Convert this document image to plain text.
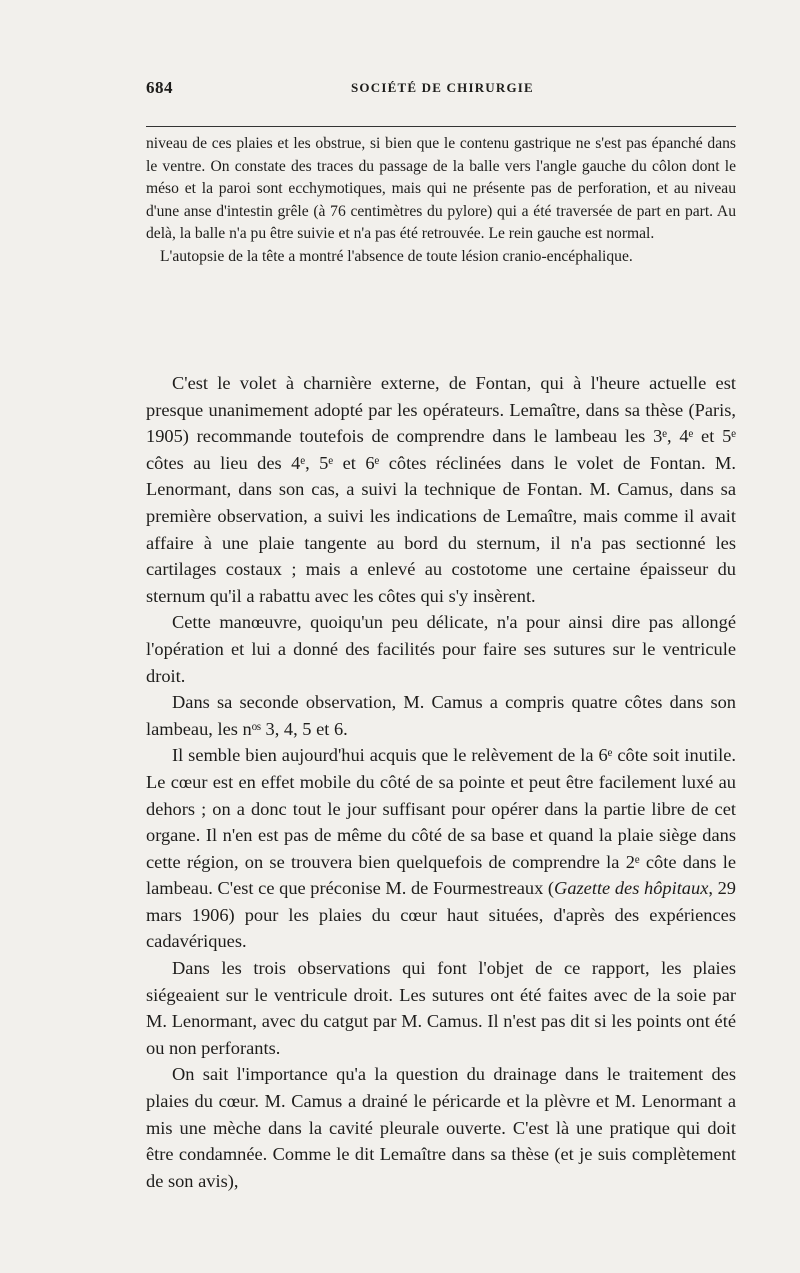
684	SOCIÉTÉ DE CHIRURGIE

niveau de ces plaies et les obstrue, si bien que le contenu gastrique ne s'est pas épanché dans le ventre. On constate des traces du passage de la balle vers l'angle gauche du côlon dont le méso et la paroi sont ecchymotiques, mais qui ne présente pas de perforation, et au niveau d'une anse d'intestin grêle (à 76 centimètres du pylore) qui a été traversée de part en part. Au delà, la balle n'a pu être suivie et n'a pas été retrouvée. Le rein gauche est normal.

L'autopsie de la tête a montré l'absence de toute lésion cranio-encéphalique.

C'est le volet à charnière externe, de Fontan, qui à l'heure actuelle est presque unanimement adopté par les opérateurs. Lemaître, dans sa thèse (Paris, 1905) recommande toutefois de comprendre dans le lambeau les 3ᵉ, 4ᵉ et 5ᵉ côtes au lieu des 4ᵉ, 5ᵉ et 6ᵉ côtes réclinées dans le volet de Fontan. M. Lenormant, dans son cas, a suivi la technique de Fontan. M. Camus, dans sa première observation, a suivi les indications de Lemaître, mais comme il avait affaire à une plaie tangente au bord du sternum, il n'a pas sectionné les cartilages costaux ; mais a enlevé au costotome une certaine épaisseur du sternum qu'il a rabattu avec les côtes qui s'y insèrent.

Cette manœuvre, quoiqu'un peu délicate, n'a pour ainsi dire pas allongé l'opération et lui a donné des facilités pour faire ses sutures sur le ventricule droit.

Dans sa seconde observation, M. Camus a compris quatre côtes dans son lambeau, les nᵒˢ 3, 4, 5 et 6.

Il semble bien aujourd'hui acquis que le relèvement de la 6ᵉ côte soit inutile. Le cœur est en effet mobile du côté de sa pointe et peut être facilement luxé au dehors ; on a donc tout le jour suffisant pour opérer dans la partie libre de cet organe. Il n'en est pas de même du côté de sa base et quand la plaie siège dans cette région, on se trouvera bien quelquefois de comprendre la 2ᵉ côte dans le lambeau. C'est ce que préconise M. de Fourmestreaux (Gazette des hôpitaux, 29 mars 1906) pour les plaies du cœur haut situées, d'après des expériences cadavériques.

Dans les trois observations qui font l'objet de ce rapport, les plaies siégeaient sur le ventricule droit. Les sutures ont été faites avec de la soie par M. Lenormant, avec du catgut par M. Camus. Il n'est pas dit si les points ont été ou non perforants.

On sait l'importance qu'a la question du drainage dans le traitement des plaies du cœur. M. Camus a drainé le péricarde et la plèvre et M. Lenormant a mis une mèche dans la cavité pleurale ouverte. C'est là une pratique qui doit être condamnée. Comme le dit Lemaître dans sa thèse (et je suis complètement de son avis),
